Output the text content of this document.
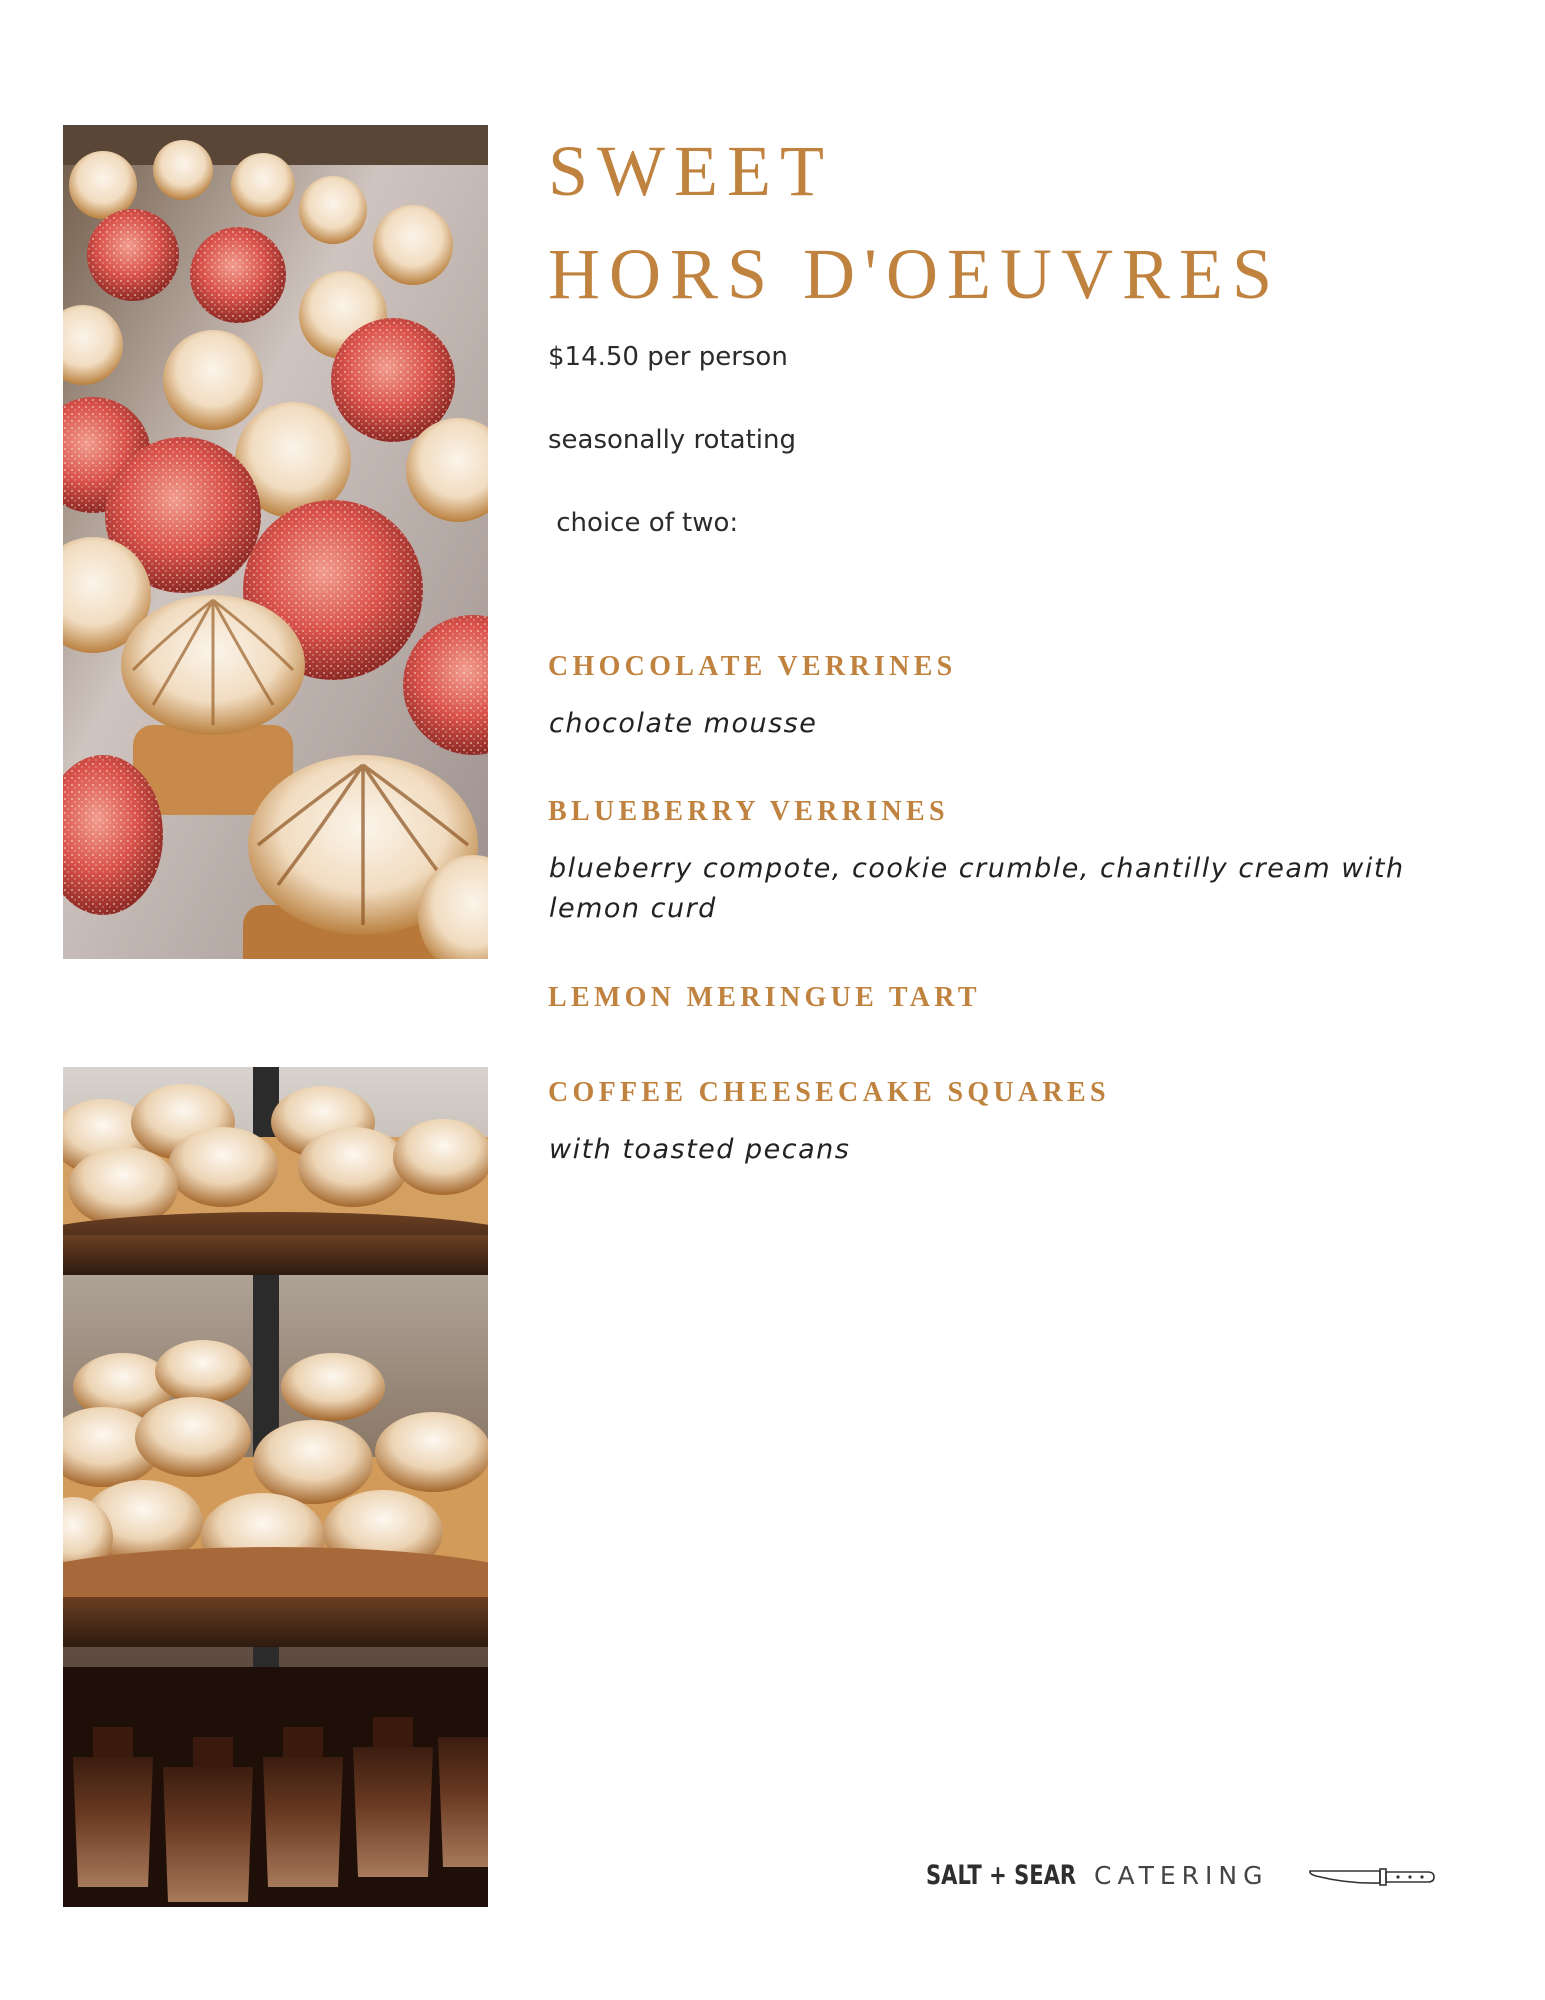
SWEET
HORS D'OEUVRES

$14.50 per person

seasonally rotating

choice of two:

CHOCOLATE VERRINES

chocolate mousse

BLUEBERRY VERRINES

blueberry compote, cookie crumble, chantilly cream with lemon curd

LEMON MERINGUE TART
COFFEE CHEESECAKE SQUARES

with toasted pecans

SALT + SEAR CATERING
